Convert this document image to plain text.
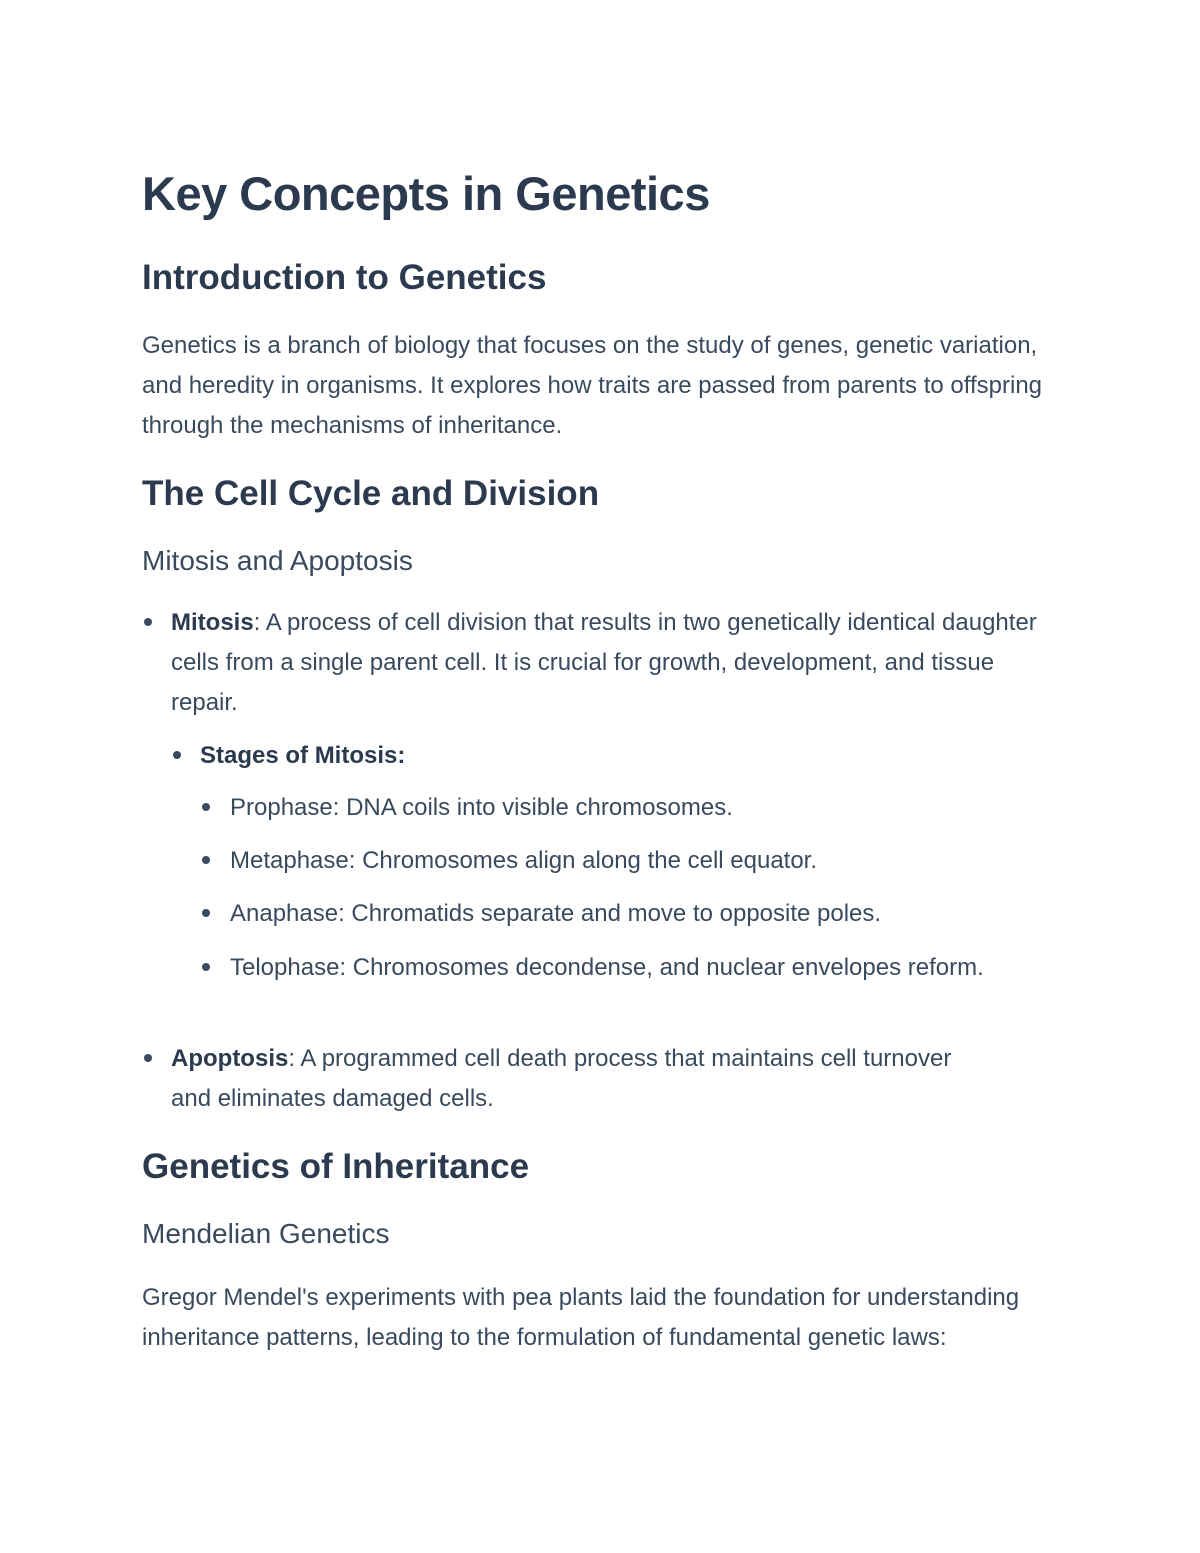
Key Concepts in Genetics
Introduction to Genetics

Genetics is a branch of biology that focuses on the study of genes, genetic variation, and heredity in organisms. It explores how traits are passed from parents to offspring through the mechanisms of inheritance.

The Cell Cycle and Division
Mitosis and Apoptosis

Mitosis: A process of cell division that results in two genetically identical daughter cells from a single parent cell. It is crucial for growth, development, and tissue repair.

Stages of Mitosis:

Prophase: DNA coils into visible chromosomes.

Metaphase: Chromosomes align along the cell equator.

Anaphase: Chromatids separate and move to opposite poles.

Telophase: Chromosomes decondense, and nuclear envelopes reform.

Apoptosis: A programmed cell death process that maintains cell turnover and eliminates damaged cells.

Genetics of Inheritance
Mendelian Genetics

Gregor Mendel's experiments with pea plants laid the foundation for understanding inheritance patterns, leading to the formulation of fundamental genetic laws:
